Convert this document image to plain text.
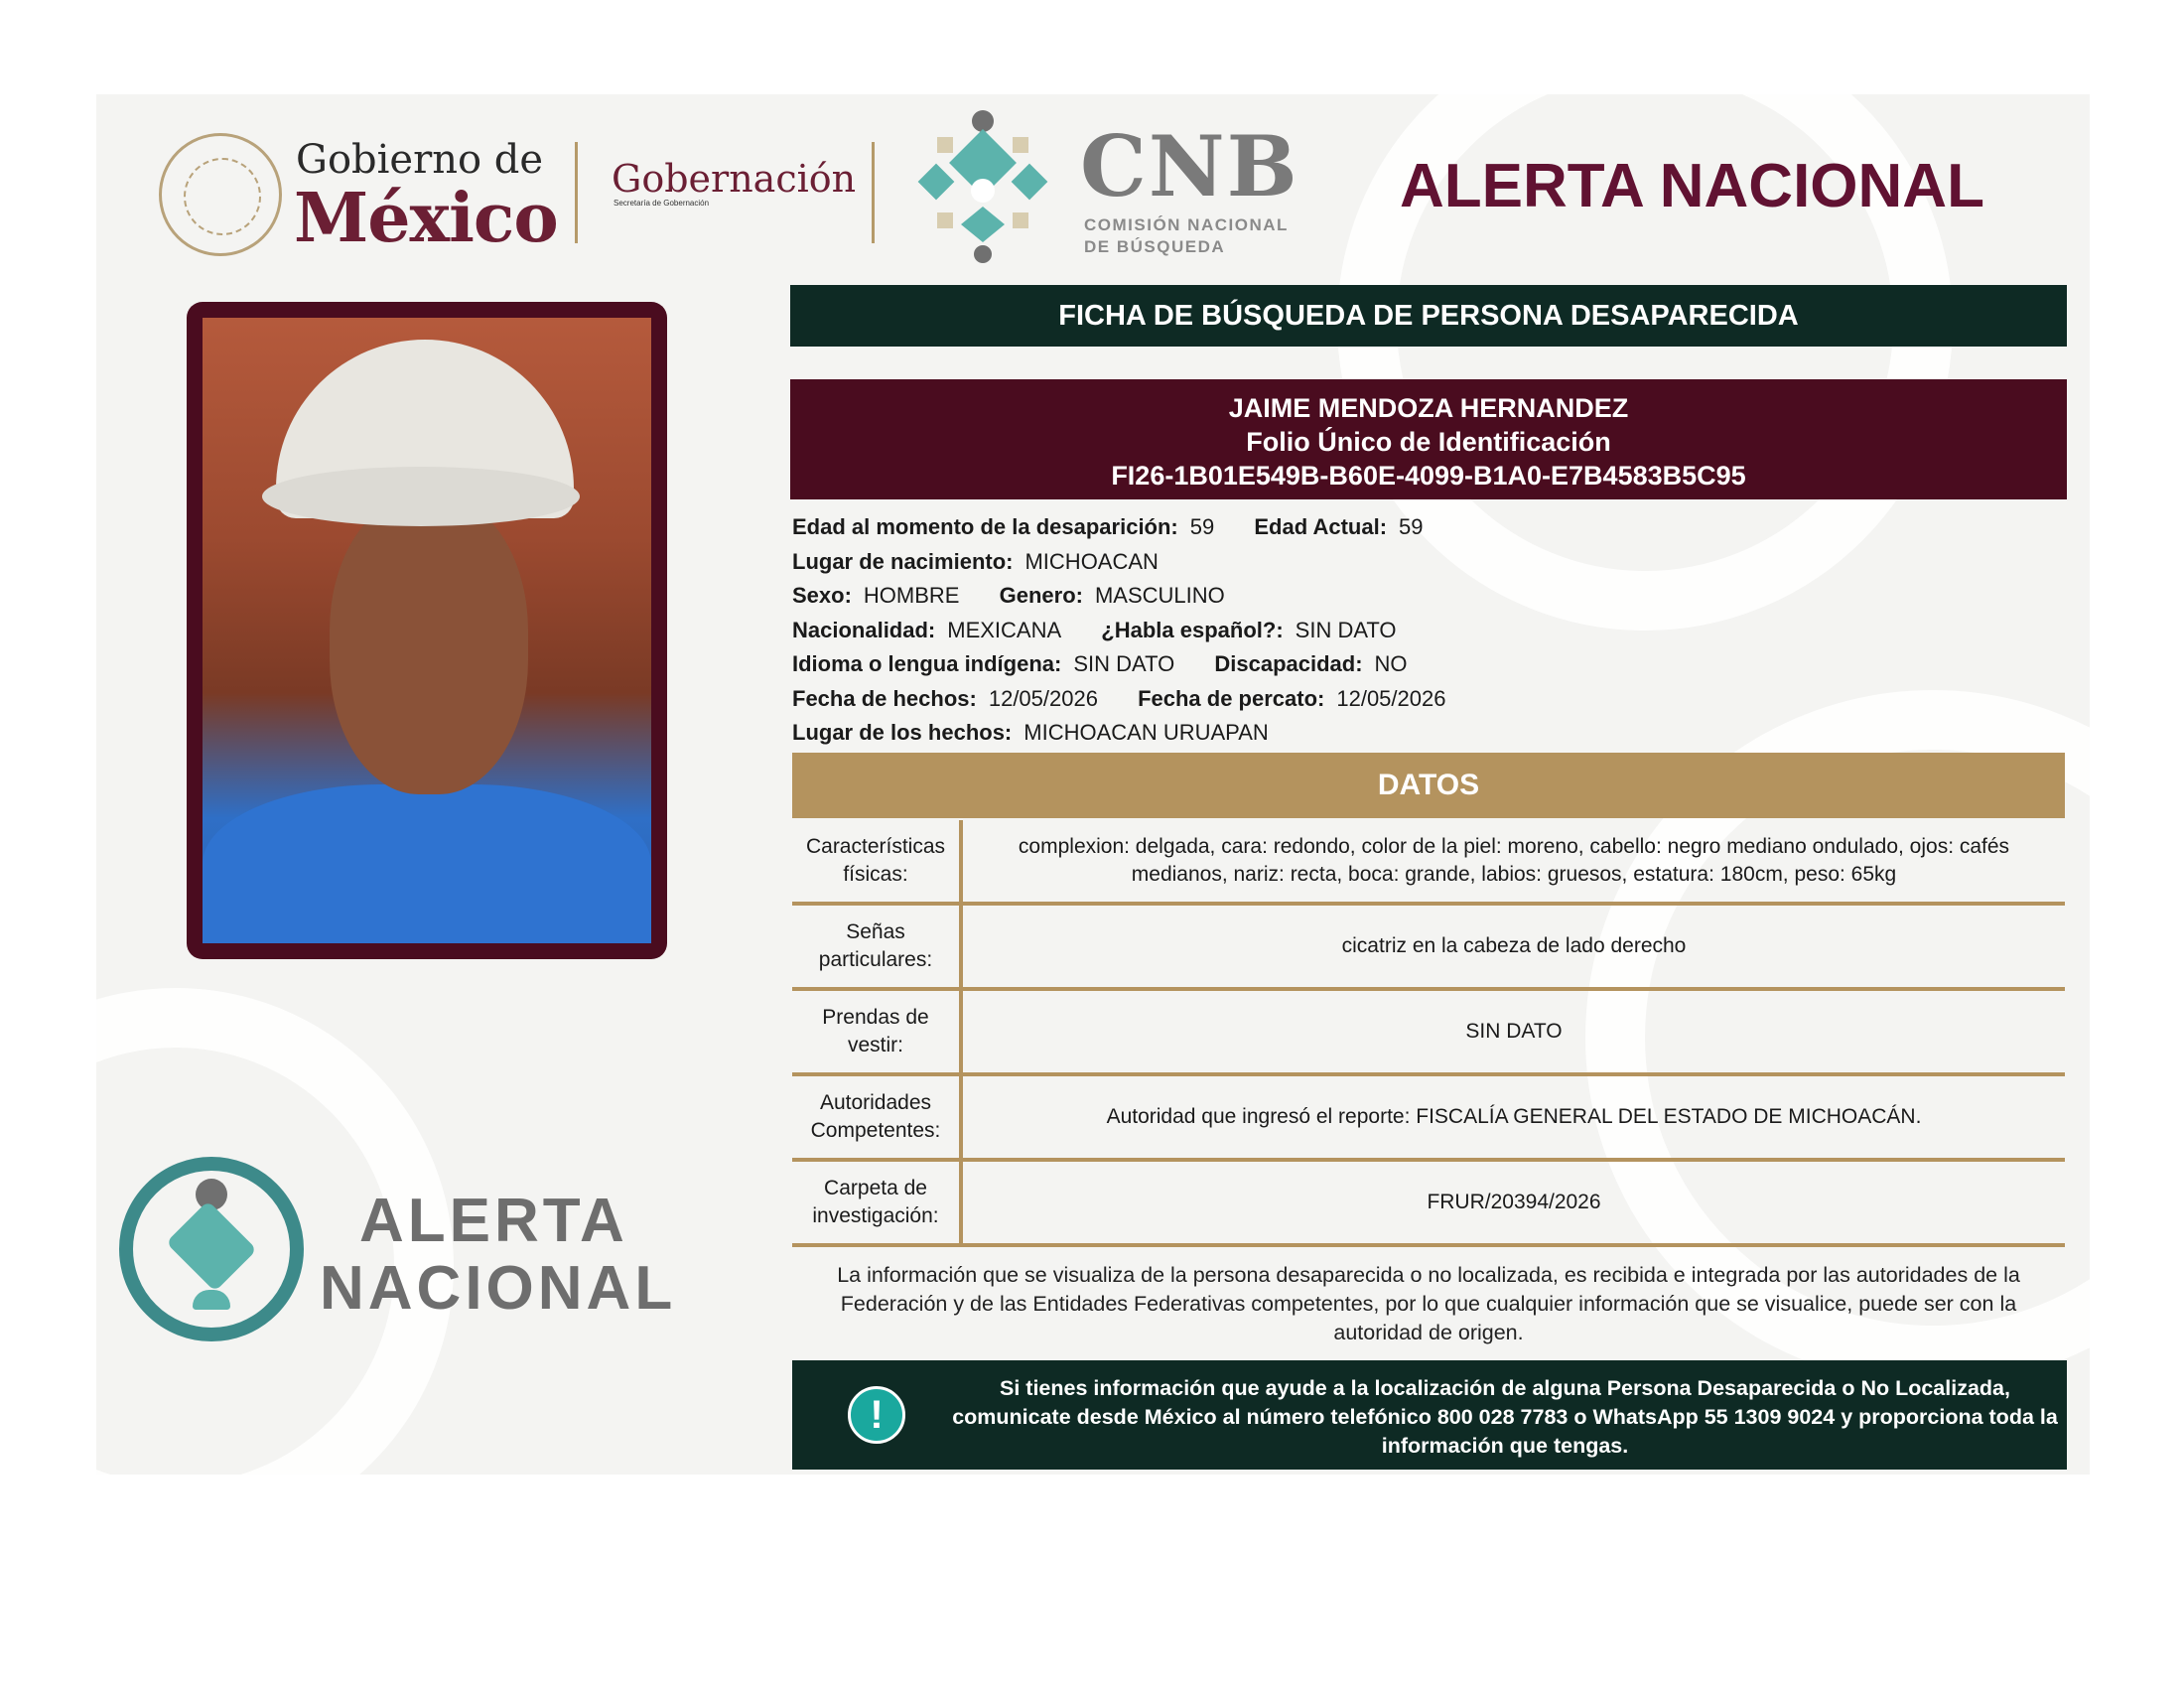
Gobierno de
México Gobernación
Secretaría de Gobernación	CNB
COMISIÓN NACIONAL
DE BÚSQUEDA
ALERTA NACIONAL
ALERTA
NACIONAL
FICHA DE BÚSQUEDA DE PERSONA DESAPARECIDA
JAIME MENDOZA HERNANDEZ
Folio Único de Identificación
FI26-1B01E549B-B60E-4099-B1A0-E7B4583B5C95
Edad al momento de la desaparición: 59 Edad Actual: 59
Lugar de nacimiento: MICHOACAN
Sexo: HOMBRE Genero: MASCULINO
Nacionalidad: MEXICANA ¿Habla español?: SIN DATO
Idioma o lengua indígena: SIN DATO Discapacidad: NO
Fecha de hechos: 12/05/2026 Fecha de percato: 12/05/2026
Lugar de los hechos: MICHOACAN URUAPAN
DATOS
Características físicas:
complexion: delgada, cara: redondo, color de la piel: moreno, cabello: negro mediano ondulado, ojos: cafés medianos, nariz: recta, boca: grande, labios: gruesos, estatura: 180cm, peso: 65kg
Señas particulares:
cicatriz en la cabeza de lado derecho
Prendas de vestir:
SIN DATO
Autoridades Competentes:
Autoridad que ingresó el reporte: FISCALÍA GENERAL DEL ESTADO DE MICHOACÁN.
Carpeta de investigación:
FRUR/20394/2026
La información que se visualiza de la persona desaparecida o no localizada, es recibida e integrada por las autoridades de la Federación y de las Entidades Federativas competentes, por lo que cualquier información que se visualice, puede ser con la autoridad de origen.
!
Si tienes información que ayude a la localización de alguna Persona Desaparecida o No Localizada, comunicate desde México al número telefónico 800 028 7783 o WhatsApp 55 1309 9024 y proporciona toda la información que tengas.
